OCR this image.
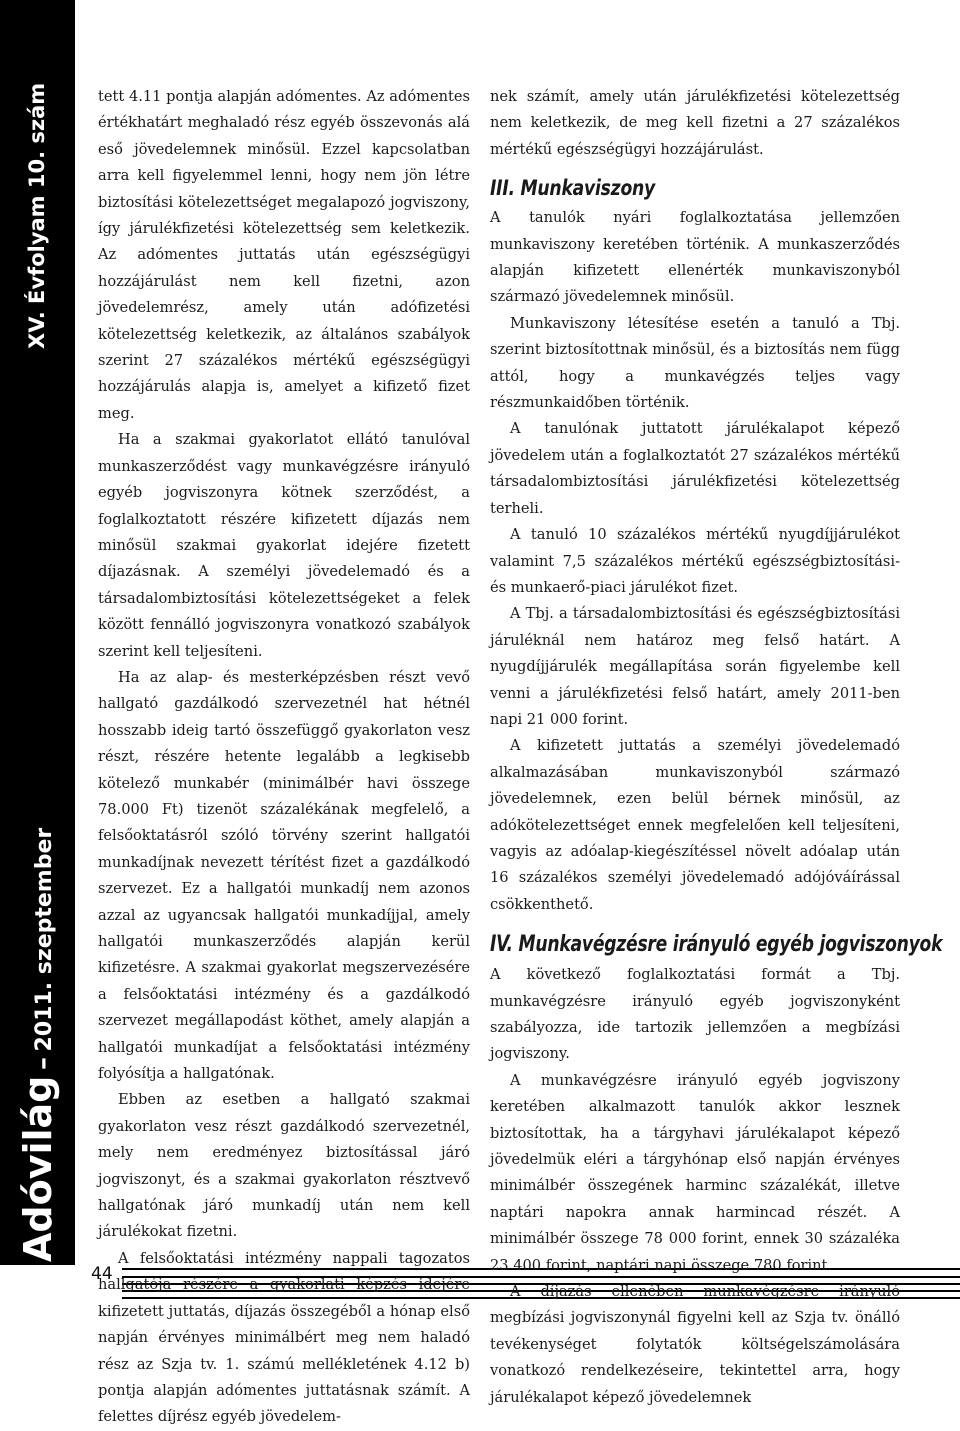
XV. Évfolyam 10. szám
Adóvilág – 2011. szeptember
44

tett 4.11 pontja alapján adómentes. Az adómentes értékhatárt meghaladó rész egyéb összevonás alá eső jövedelemnek minősül. Ezzel kapcsolatban arra kell figyelemmel lenni, hogy nem jön létre biztosítási kötelezettséget megalapozó jogviszony, így járulékfizetési kötelezettség sem keletkezik. Az adómentes juttatás után egészségügyi hozzájárulást nem kell fizetni, azon jövedelemrész, amely után adófizetési kötelezettség keletkezik, az általános szabályok szerint 27 százalékos mértékű egészségügyi hozzájárulás alapja is, amelyet a kifizető fizet meg.

Ha a szakmai gyakorlatot ellátó tanulóval munkaszerződést vagy munkavégzésre irányuló egyéb jogviszonyra kötnek szerződést, a foglalkoztatott részére kifizetett díjazás nem minősül szakmai gyakorlat idejére fizetett díjazásnak. A személyi jövedelemadó és a társadalombiztosítási kötelezettségeket a felek között fennálló jogviszonyra vonatkozó szabályok szerint kell teljesíteni.

Ha az alap- és mesterképzésben részt vevő hallgató gazdálkodó szervezetnél hat hétnél hosszabb ideig tartó összefüggő gyakorlaton vesz részt, részére hetente legalább a legkisebb kötelező munkabér (minimálbér havi összege 78.000 Ft) tizenöt százalékának megfelelő, a felsőoktatásról szóló törvény szerint hallgatói munkadíjnak nevezett térítést fizet a gazdálkodó szervezet. Ez a hallgatói munkadíj nem azonos azzal az ugyancsak hallgatói munkadíjjal, amely hallgatói munkaszerződés alapján kerül kifizetésre. A szakmai gyakorlat megszervezésére a felsőoktatási intézmény és a gazdálkodó szervezet megállapodást köthet, amely alapján a hallgatói munkadíjat a felsőoktatási intézmény folyósítja a hallgatónak.

Ebben az esetben a hallgató szakmai gyakorlaton vesz részt gazdálkodó szervezetnél, mely nem eredményez biztosítással járó jogviszonyt, és a szakmai gyakorlaton résztvevő hallgatónak járó munkadíj után nem kell járulékokat fizetni.

A felsőoktatási intézmény nappali tagozatos hallgatója részére a gyakorlati képzés idejére kifizetett juttatás, díjazás összegéből a hónap első napján érvényes minimálbért meg nem haladó rész az Szja tv. 1. számú mellékletének 4.12 b) pontja alapján adómentes juttatásnak számít. A felettes díjrész egyéb jövedelem-

nek számít, amely után járulékfizetési kötelezettség nem keletkezik, de meg kell fizetni a 27 százalékos mértékű egészségügyi hozzájárulást.

III. Munkaviszony

A tanulók nyári foglalkoztatása jellemzően munkaviszony keretében történik. A munkaszerződés alapján kifizetett ellenérték munkaviszonyból származó jövedelemnek minősül.

Munkaviszony létesítése esetén a tanuló a Tbj. szerint biztosítottnak minősül, és a biztosítás nem függ attól, hogy a munkavégzés teljes vagy részmunkaidőben történik.

A tanulónak juttatott járulékalapot képező jövedelem után a foglalkoztatót 27 százalékos mértékű társadalombiztosítási járulékfizetési kötelezettség terheli.

A tanuló 10 százalékos mértékű nyugdíjjárulékot valamint 7,5 százalékos mértékű egészségbiztosítási- és munkaerő-piaci járulékot fizet.

A Tbj. a társadalombiztosítási és egészségbiztosítási járuléknál nem határoz meg felső határt. A nyugdíjjárulék megállapítása során figyelembe kell venni a járulékfizetési felső határt, amely 2011-ben napi 21 000 forint.

A kifizetett juttatás a személyi jövedelemadó alkalmazásában munkaviszonyból származó jövedelemnek, ezen belül bérnek minősül, az adókötelezettséget ennek megfelelően kell teljesíteni, vagyis az adóalap-kiegészítéssel növelt adóalap után 16 százalékos személyi jövedelemadó adójóváírással csökkenthető.

IV. Munkavégzésre irányuló egyéb jogviszonyok

A következő foglalkoztatási formát a Tbj. munkavégzésre irányuló egyéb jogviszonyként szabályozza, ide tartozik jellemzően a megbízási jogviszony.

A munkavégzésre irányuló egyéb jogviszony keretében alkalmazott tanulók akkor lesznek biztosítottak, ha a tárgyhavi járulékalapot képező jövedelmük eléri a tárgyhónap első napján érvényes minimálbér összegének harminc százalékát, illetve naptári napokra annak harmincad részét. A minimálbér összege 78 000 forint, ennek 30 százaléka 23 400 forint, naptári napi összege 780 forint.

A díjazás ellenében munkavégzésre irányuló megbízási jogviszonynál figyelni kell az Szja tv. önálló tevékenységet folytatók költségelszámolására vonatkozó rendelkezéseire, tekintettel arra, hogy járulékalapot képező jövedelemnek
